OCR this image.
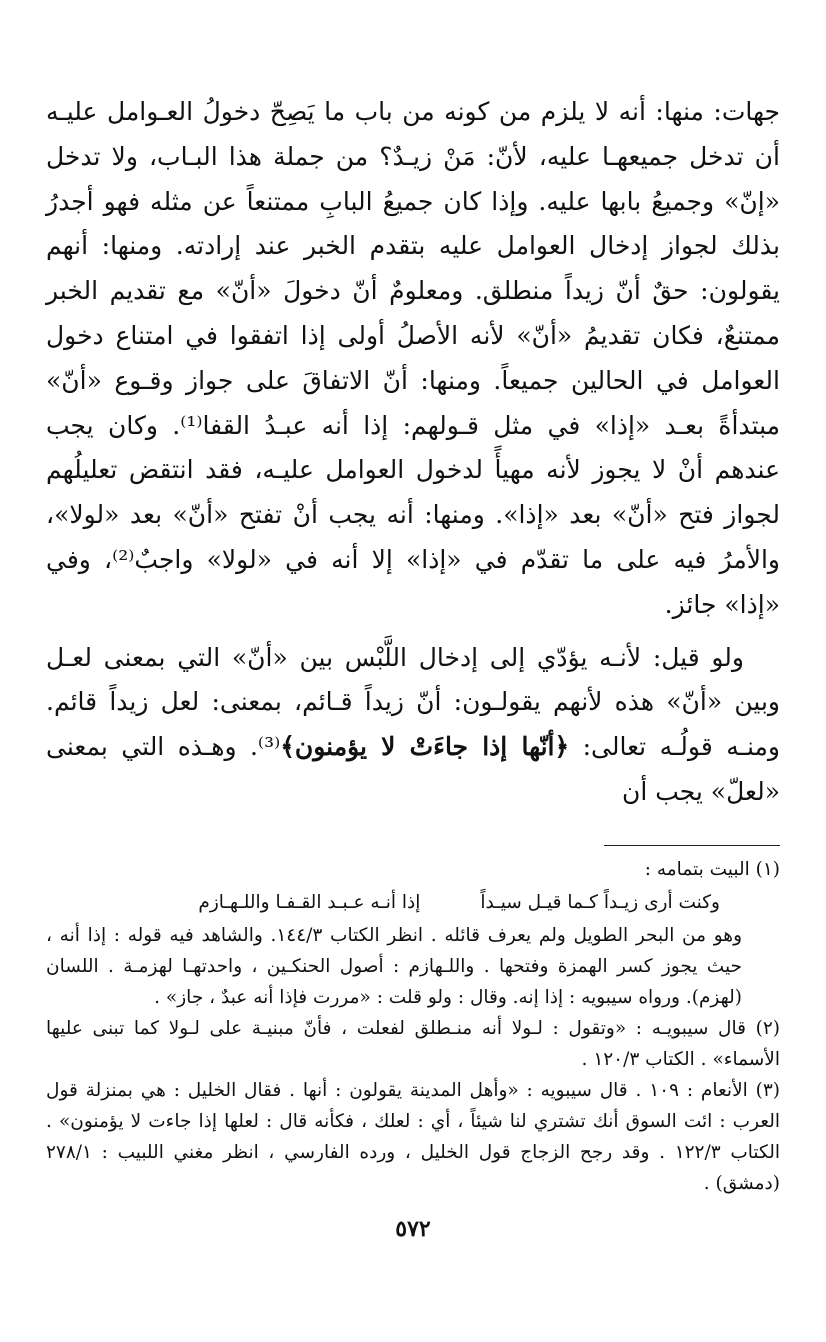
جهات: منها: أنه لا يلزم من كونه من باب ما يَصِحّ دخولُ العـوامل عليـه أن تدخل جميعهـا عليه، لأنّ: مَنْ زيـدٌ؟ من جملة هذا البـاب، ولا تدخل «إنّ» وجميعُ بابها عليه. وإذا كان جميعُ البابِ ممتنعاً عن مثله فهو أجدرُ بذلك لجواز إدخال العوامل عليه بتقدم الخبر عند إرادته. ومنها: أنهم يقولون: حقٌ أنّ زيداً منطلق. ومعلومٌ أنّ دخولَ «أنّ» مع تقديم الخبر ممتنعٌ، فكان تقديمُ «أنّ» لأنه الأصلُ أولى إذا اتفقوا في امتناع دخول العوامل في الحالين جميعاً. ومنها: أنّ الاتفاقَ على جواز وقـوع «أنّ» مبتدأةً بعـد «إذا» في مثل قـولهم: إذا أنه عبـدُ القفا⁽¹⁾. وكان يجب عندهم أنْ لا يجوز لأنه مهيأً لدخول العوامل عليـه، فقد انتقض تعليلُهم لجواز فتح «أنّ» بعد «إذا». ومنها: أنه يجب أنْ تفتح «أنّ» بعد «لولا»، والأمرُ فيه على ما تقدّم في «إذا» إلا أنه في «لولا» واجبٌ⁽²⁾، وفي «إذا» جائز.

ولو قيل: لأنـه يؤدّي إلى إدخال اللَّبْس بين «أنّ» التي بمعنى لعـل وبين «أنّ» هذه لأنهم يقولـون: أنّ زيداً قـائم، بمعنى: لعل زيداً قائم. ومنـه قولُـه تعالى: ﴿أنّها إذا جاءَتْ لا يؤمنون﴾⁽³⁾. وهـذه التي بمعنى «لعلّ» يجب أن

(١) البيت بتمامه :
وكنت أرى زيـداً كـما قيـل سيـداً
إذا أنـه عـبـد القـفـا واللـهـازم
وهو من البحر الطويل ولم يعرف قائله . انظر الكتاب ١٤٤/٣. والشاهد فيه قوله : إذا أنه ، حيث يجوز كسر الهمزة وفتحها . واللـهازم : أصول الحنكـين ، واحدتهـا لهزمـة . اللسان (لهزم). ورواه سيبويه : إذا إنه. وقال : ولو قلت : «مررت فإذا أنه عبدٌ ، جاز» .
(٢) قال سيبويـه : «وتقول : لـولا أنه منـطلق لفعلت ، فأنّ مبنيـة على لـولا كما تبنى عليها الأسماء» . الكتاب ١٢٠/٣ .
(٣) الأنعام : ١٠٩ . قال سيبويه : «وأهل المدينة يقولون : أنها . فقال الخليل : هي بمنزلة قول العرب : ائت السوق أنك تشتري لنا شيئاً ، أي : لعلك ، فكأنه قال : لعلها إذا جاءت لا يؤمنون» . الكتاب ١٢٢/٣ . وقد رجح الزجاج قول الخليل ، ورده الفارسي ، انظر مغني اللبيب : ٢٧٨/١ (دمشق) .
٥٧٢
